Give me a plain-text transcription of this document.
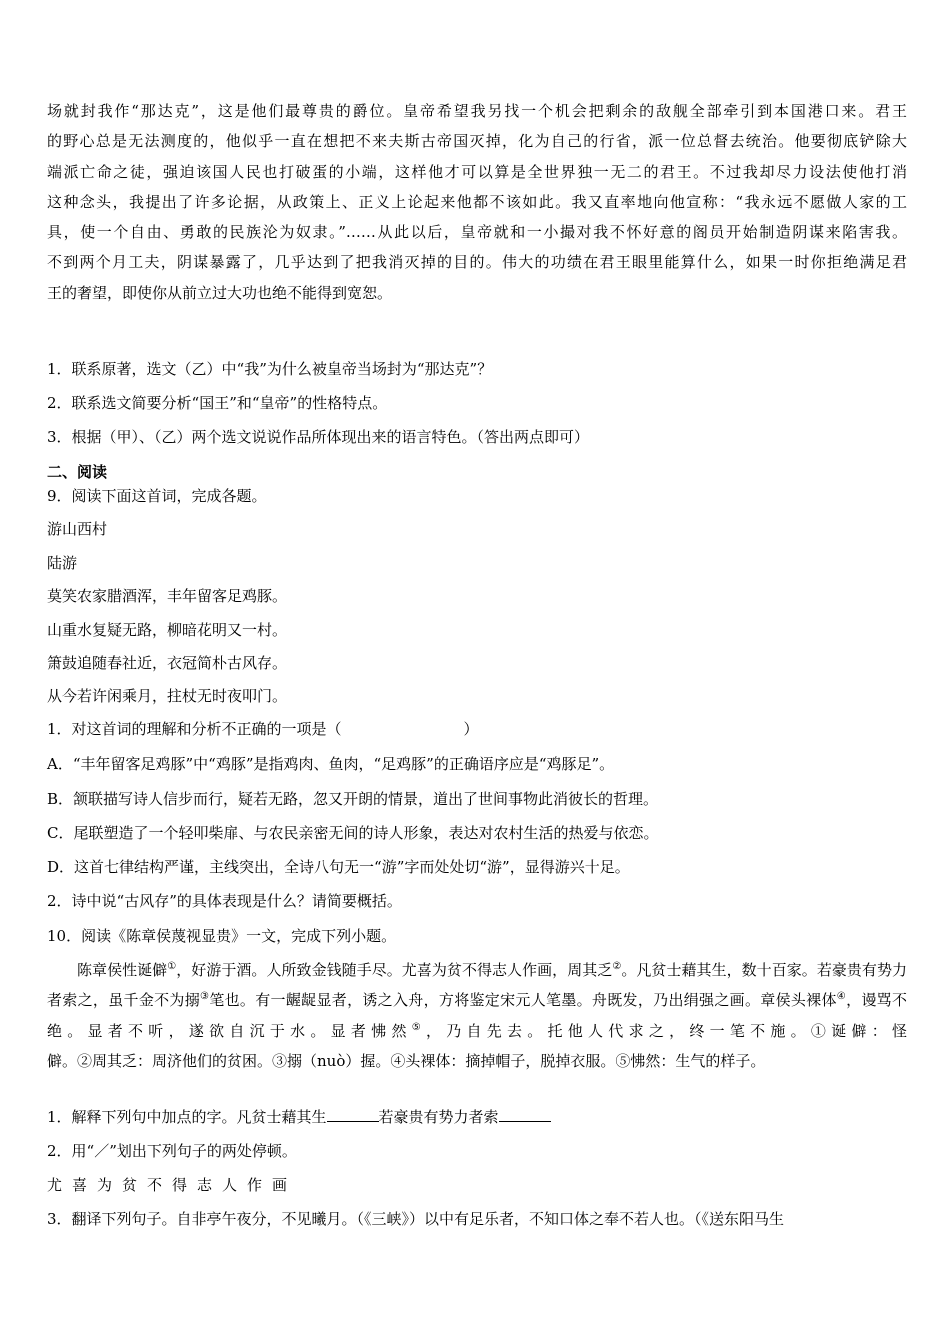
场就封我作“那达克”，这是他们最尊贵的爵位。皇帝希望我另找一个机会把剩余的敌舰全部牵引到本国港口来。君王
的野心总是无法测度的，他似乎一直在想把不来夫斯古帝国灭掉，化为自己的行省，派一位总督去统治。他要彻底铲除大
端派亡命之徒，强迫该国人民也打破蛋的小端，这样他才可以算是全世界独一无二的君王。不过我却尽力设法使他打消
这种念头，我提出了许多论据，从政策上、正义上论起来他都不该如此。我又直率地向他宣称：“我永远不愿做人家的工
具，使一个自由、勇敢的民族沦为奴隶。”……从此以后，皇帝就和一小撮对我不怀好意的阁员开始制造阴谋来陷害我。
不到两个月工夫，阴谋暴露了，几乎达到了把我消灭掉的目的。伟大的功绩在君王眼里能算什么，如果一时你拒绝满足君
王的奢望，即使你从前立过大功也绝不能得到宽恕。
1．联系原著，选文（乙）中“我”为什么被皇帝当场封为“那达克”？
2．联系选文简要分析“国王”和“皇帝”的性格特点。
3．根据（甲）、（乙）两个选文说说作品所体现出来的语言特色。（答出两点即可）
二、阅读
9．阅读下面这首词，完成各题。
游山西村
陆游
莫笑农家腊酒浑，丰年留客足鸡豚。
山重水复疑无路，柳暗花明又一村。
箫鼓追随春社近，衣冠简朴古风存。
从今若许闲乘月，拄杖无时夜叩门。
1．对这首词的理解和分析不正确的一项是（	）
A．“丰年留客足鸡豚”中“鸡豚”是指鸡肉、鱼肉，“足鸡豚”的正确语序应是“鸡豚足”。
B．颔联描写诗人信步而行，疑若无路，忽又开朗的情景，道出了世间事物此消彼长的哲理。
C．尾联塑造了一个轻叩柴扉、与农民亲密无间的诗人形象，表达对农村生活的热爱与依恋。
D．这首七律结构严谨，主线突出，全诗八句无一“游”字而处处切“游”，显得游兴十足。
2．诗中说“古风存”的具体表现是什么？请简要概括。
10．阅读《陈章侯蔑视显贵》一文，完成下列小题。
陈章侯性诞僻①，好游于酒。人所致金钱随手尽。尤喜为贫不得志人作画，周其乏②。凡贫士藉其生，数十百家。若豪贵有势力者索之，虽千金不为搦③笔也。有一龌龊显者，诱之入舟，方将鉴定宋元人笔墨。舟既发，乃出绢强之画。章侯头裸体④，谩骂不绝。显者不听，遂欲自沉于水。显者怫然⑤，乃自先去。托他人代求之，终一笔不施。①诞僻：怪
僻。②周其乏：周济他们的贫困。③搦（nuò）握。④头裸体：摘掉帽子，脱掉衣服。⑤怫然：生气的样子。
1．解释下列句中加点的字。凡贫士藉其生	若豪贵有势力者索
2．用“／”划出下列句子的两处停顿。
尤喜为贫不得志人作画
3．翻译下列句子。自非亭午夜分，不见曦月。（《三峡》）以中有足乐者，不知口体之奉不若人也。（《送东阳马生
